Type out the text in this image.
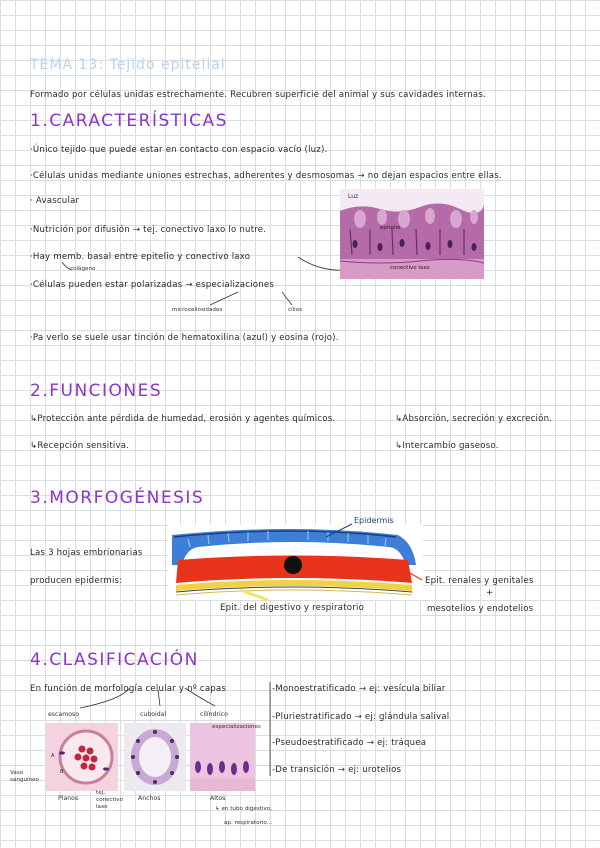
TEMA 13: Tejido epitelial
Formado por células unidas estrechamente. Recubren superficie del animal y sus cavidades internas.
1.CARACTERÍSTICAS
·Único tejido que puede estar en contacto con espacio vacío (luz).
·Células unidas mediante uniones estrechas, adherentes y desmosomas → no dejan espacios entre ellas.
· Avascular
·Nutrición por difusión → tej. conectivo laxo lo nutre.
·Hay memb. basal entre epitelio y conectivo laxo
colágeno
·Células pueden estar polarizadas → especializaciones
microvellosidades	cilios
·Pa verlo se suele usar tinción de hematoxilina (azul) y eosina (rojo).
Luz
epitelio
conectivo laxo
2.FUNCIONES
↳Protección ante pérdida de humedad, erosión y agentes químicos.	↳Absorción, secreción y excreción.
↳Recepción sensitiva.	↳Intercambio gaseoso.
3.MORFOGÉNESIS
Las 3 hojas embrionarias
producen epidermis:
Epidermis
Epit. del digestivo y respiratorio
Epit. renales y genitales
+
mesotelios y endotelios
4.CLASIFICACIÓN
En función de morfología celular y nº capas
escamoso	cuboidal	cilíndrico
-Monoestratificado → ej: vesícula biliar
-Pluriestratificado → ej: glándula salival
-Pseudoestratificado → ej: tráquea
-De transición → ej: urotelios
A
B
especializaciones
Vaso sanguíneo
tej. conectivo laxo
Planos	Anchos	Altos
↳ en tubo digestivo,
ap. respiratorio...
